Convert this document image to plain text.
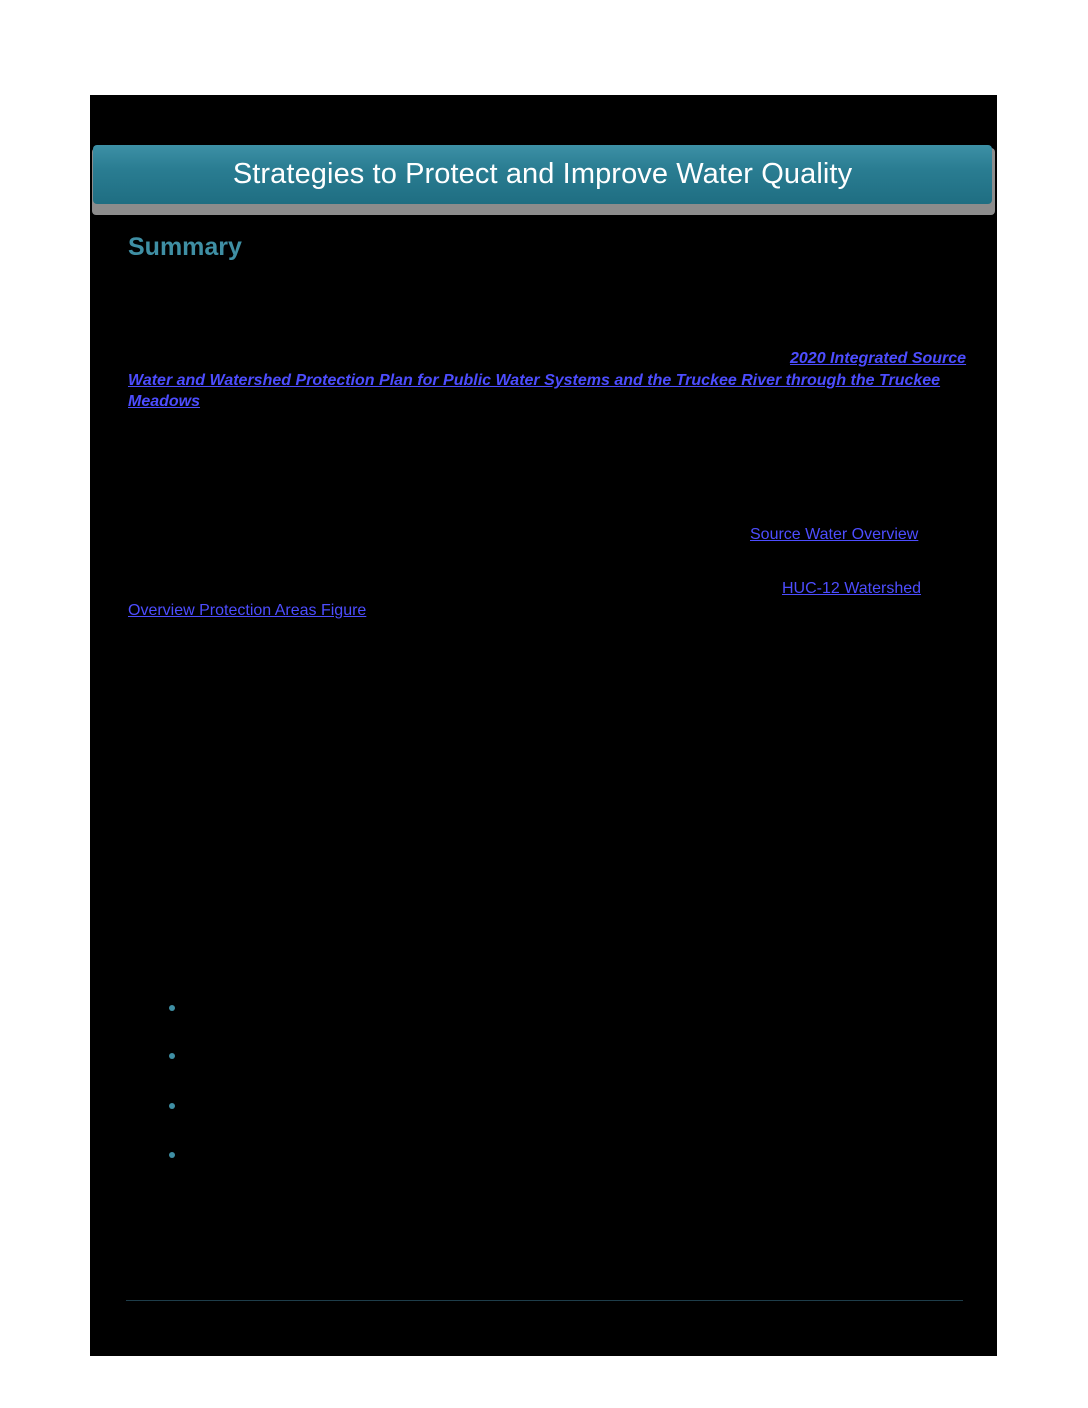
Strategies to Protect and Improve Water Quality
Summary
2020 Integrated Source
Water and Watershed Protection Plan for Public Water Systems and the Truckee River through the Truckee
Meadows
Source Water Overview
HUC-12 Watershed
Overview Protection Areas Figure
